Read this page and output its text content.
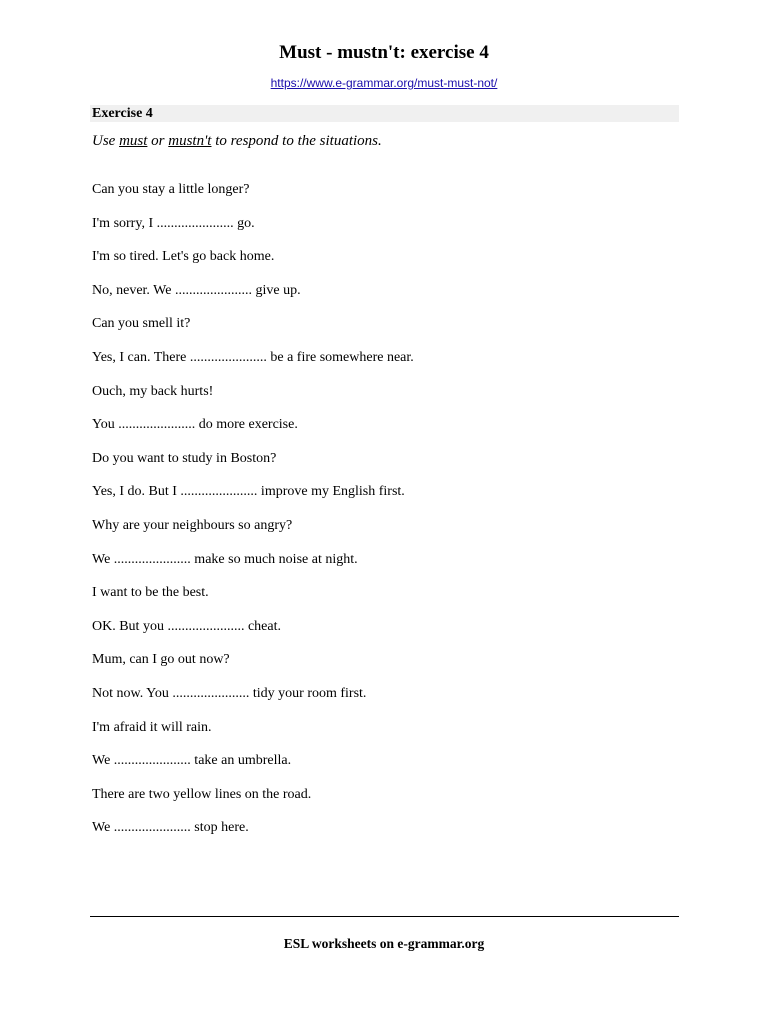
Must - mustn't: exercise 4
https://www.e-grammar.org/must-must-not/
Exercise 4
Use must or mustn't to respond to the situations.
Can you stay a little longer?
I'm sorry, I ...................... go.
I'm so tired. Let's go back home.
No, never. We ...................... give up.
Can you smell it?
Yes, I can. There ...................... be a fire somewhere near.
Ouch, my back hurts!
You ...................... do more exercise.
Do you want to study in Boston?
Yes, I do. But I ...................... improve my English first.
Why are your neighbours so angry?
We ...................... make so much noise at night.
I want to be the best.
OK. But you ...................... cheat.
Mum, can I go out now?
Not now. You ...................... tidy your room first.
I'm afraid it will rain.
We ...................... take an umbrella.
There are two yellow lines on the road.
We ...................... stop here.
ESL worksheets on e-grammar.org
